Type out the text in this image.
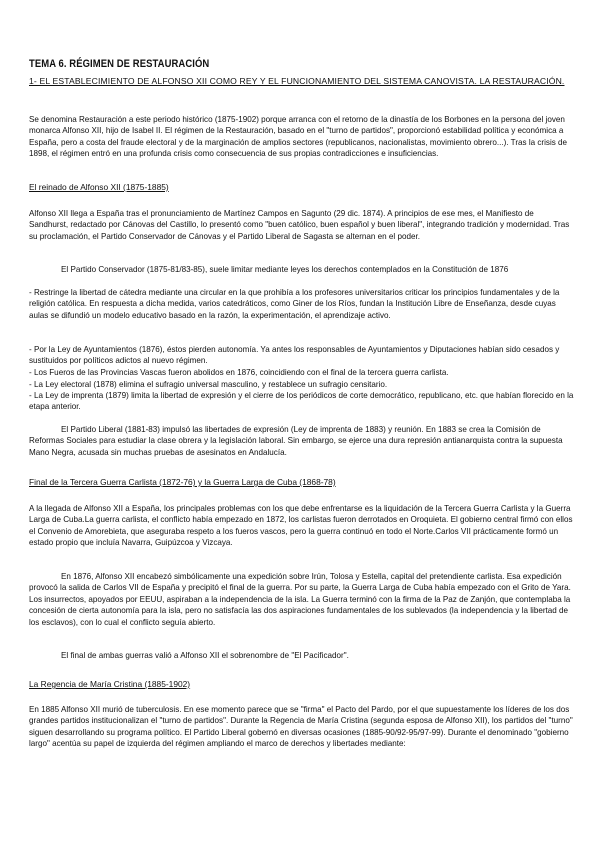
TEMA 6. RÉGIMEN DE RESTAURACIÓN
1- EL ESTABLECIMIENTO DE ALFONSO XII COMO REY Y EL FUNCIONAMIENTO DEL SISTEMA CANOVISTA. LA RESTAURACIÓN.
Se denomina Restauración a este periodo histórico (1875-1902) porque arranca con el retorno de la dinastía de los Borbones en la persona del joven monarca Alfonso XII, hijo de Isabel II. El régimen de la Restauración, basado en el "turno de partidos", proporcionó estabilidad política y económica a España, pero a costa del fraude electoral y de la marginación de amplios sectores (republicanos, nacionalistas, movimiento obrero...). Tras la crisis de 1898, el régimen entró en una profunda crisis como consecuencia de sus propias contradicciones e insuficiencias.
El reinado de Alfonso XII (1875-1885)
Alfonso XII llega a España tras el pronunciamiento de Martínez Campos en Sagunto (29 dic. 1874). A principios de ese mes, el Manifiesto de Sandhurst, redactado por Cánovas del Castillo, lo presentó como "buen católico, buen español y buen liberal", integrando tradición y modernidad. Tras su proclamación, el Partido Conservador de Cánovas y el Partido Liberal de Sagasta se alternan en el poder.
El Partido Conservador (1875-81/83-85), suele limitar mediante leyes los derechos contemplados en la Constitución de 1876
- Restringe la libertad de cátedra mediante una circular en la que prohibía a los profesores universitarios criticar los principios fundamentales y de la religión católica. En respuesta a dicha medida, varios catedráticos, como Giner de los Ríos, fundan la Institución Libre de Enseñanza, desde cuyas aulas se difundió un modelo educativo basado en la razón, la experimentación, el aprendizaje activo.
- Por la Ley de Ayuntamientos (1876), éstos pierden autonomía. Ya antes los responsables de Ayuntamientos y Diputaciones habían sido cesados y sustituidos por políticos adictos al nuevo régimen.
- Los Fueros de las Provincias Vascas fueron abolidos en 1876, coincidiendo con el final de la tercera guerra carlista.
- La Ley electoral (1878) elimina el sufragio universal masculino, y restablece un sufragio censitario.
- La Ley de imprenta (1879) limita la libertad de expresión y el cierre de los periódicos de corte democrático, republicano, etc. que habían florecido en la etapa anterior.
El Partido Liberal (1881-83) impulsó las libertades de expresión (Ley de imprenta de 1883) y reunión. En 1883 se crea la Comisión de Reformas Sociales para estudiar la clase obrera y la legislación laboral. Sin embargo, se ejerce una dura represión antianarquista contra la supuesta Mano Negra, acusada sin muchas pruebas de asesinatos en Andalucía.
Final de la Tercera Guerra Carlista (1872-76) y la Guerra Larga de Cuba (1868-78)
A la llegada de Alfonso XII a España, los principales problemas con los que debe enfrentarse es la liquidación de la Tercera Guerra Carlista y la Guerra Larga de Cuba.La guerra carlista, el conflicto había empezado en 1872, los carlistas fueron derrotados en Oroquieta. El gobierno central firmó con ellos el Convenio de Amorebieta, que aseguraba respeto a los fueros vascos, pero la guerra continuó en todo el Norte.Carlos VII prácticamente formó un estado propio que incluía Navarra, Guipúzcoa y Vizcaya.
En 1876, Alfonso XII encabezó simbólicamente una expedición sobre Irún, Tolosa y Estella, capital del pretendiente carlista. Esa expedición provocó la salida de Carlos VII de España y precipitó el final de la guerra. Por su parte, la Guerra Larga de Cuba había empezado con el Grito de Yara. Los insurrectos, apoyados por EEUU, aspiraban a la independencia de la isla. La Guerra terminó con la firma de la Paz de Zanjón, que contemplaba la concesión de cierta autonomía para la isla, pero no satisfacía las dos aspiraciones fundamentales de los sublevados (la independencia y la libertad de los esclavos), con lo cual el conflicto seguía abierto.
El final de ambas guerras valió a Alfonso XII el sobrenombre de "El Pacificador".
La Regencia de María Cristina (1885-1902)
En 1885 Alfonso XII murió de tuberculosis. En ese momento parece que se "firma" el Pacto del Pardo, por el que supuestamente los líderes de los dos grandes partidos institucionalizan el "turno de partidos". Durante la Regencia de María Cristina (segunda esposa de Alfonso XII), los partidos del "turno" siguen desarrollando su programa político. El Partido Liberal gobernó en diversas ocasiones (1885-90/92-95/97-99). Durante el denominado "gobierno largo" acentúa su papel de izquierda del régimen ampliando el marco de derechos y libertades mediante:
